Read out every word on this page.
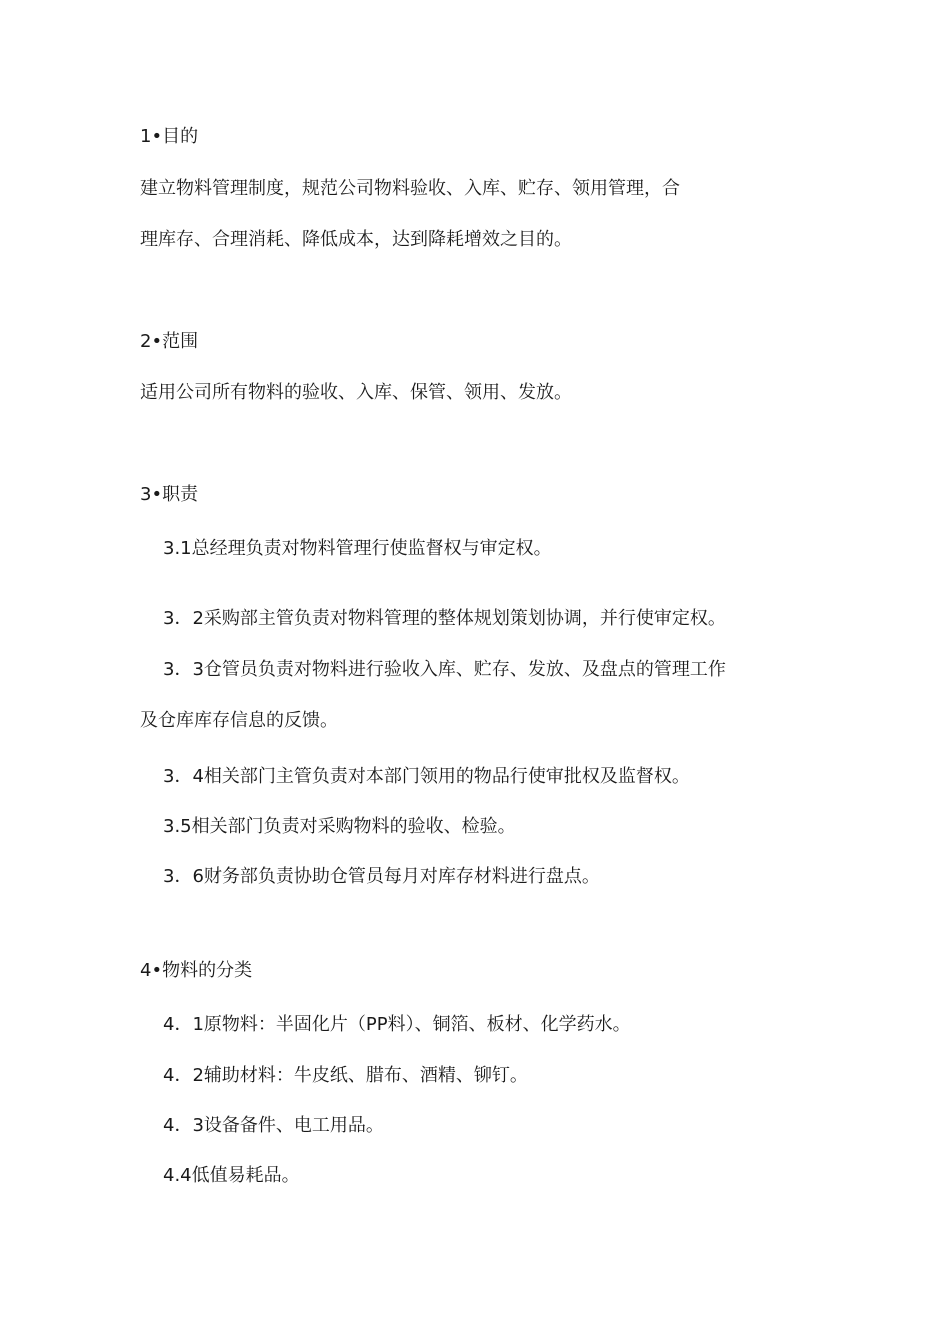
1•目的

建立物料管理制度，规范公司物料验收、入库、贮存、领用管理，合

理库存、合理消耗、降低成本，达到降耗增效之目的。

2•范围

适用公司所有物料的验收、入库、保管、领用、发放。

3•职责

3.1总经理负责对物料管理行使监督权与审定权。

3．2采购部主管负责对物料管理的整体规划策划协调，并行使审定权。

3．3仓管员负责对物料进行验收入库、贮存、发放、及盘点的管理工作

及仓库库存信息的反馈。

3．4相关部门主管负责对本部门领用的物品行使审批权及监督权。

3.5相关部门负责对采购物料的验收、检验。

3．6财务部负责协助仓管员每月对库存材料进行盘点。

4•物料的分类

4．1原物料：半固化片（PP料）、铜箔、板材、化学药水。

4．2辅助材料：牛皮纸、腊布、酒精、铆钉。

4．3设备备件、电工用品。

4.4低值易耗品。
